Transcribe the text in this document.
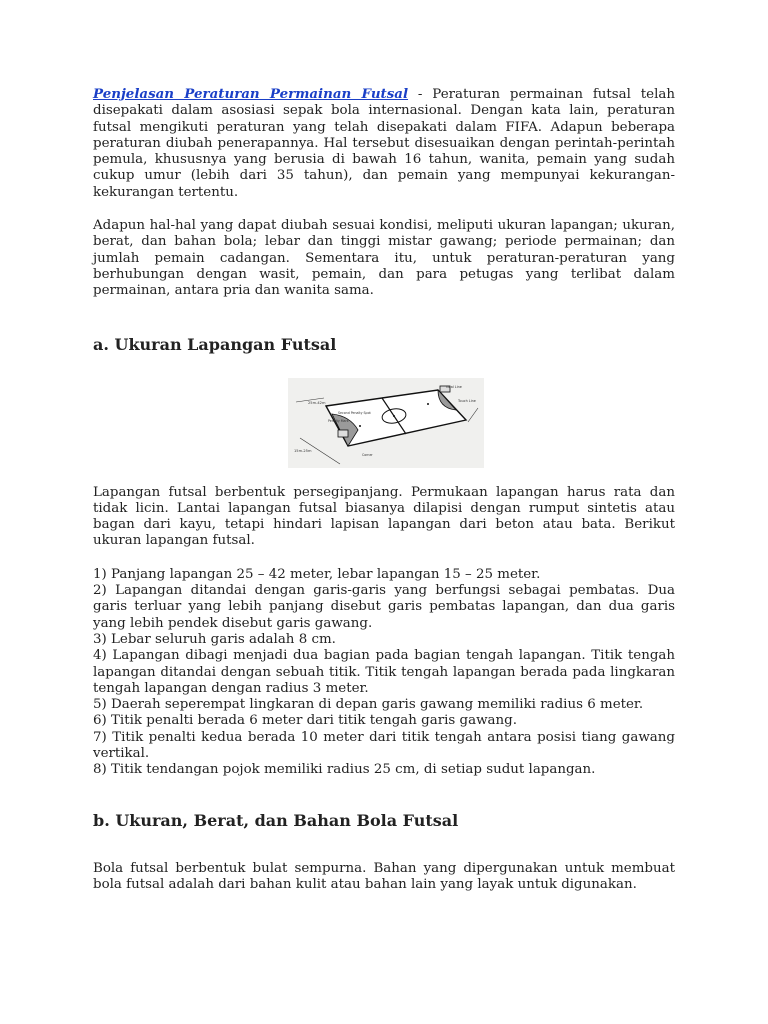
Penjelasan Peraturan Permainan Futsal - Peraturan permainan futsal telah disepakati dalam asosiasi sepak bola internasional. Dengan kata lain, peraturan futsal mengikuti peraturan yang telah disepakati dalam FIFA. Adapun beberapa peraturan diubah penerapannya. Hal tersebut disesuaikan dengan perintah-perintah pemula, khususnya yang berusia di bawah 16 tahun, wanita, pemain yang sudah cukup umur (lebih dari 35 tahun), dan pemain yang mempunyai kekurangan-kekurangan tertentu.

Adapun hal-hal yang dapat diubah sesuai kondisi, meliputi ukuran lapangan; ukuran, berat, dan bahan bola; lebar dan tinggi mistar gawang; periode permainan; dan jumlah pemain cadangan. Sementara itu, untuk peraturan-peraturan yang berhubungan dengan wasit, pemain, dan para petugas yang terlibat dalam permainan, antara pria dan wanita sama.

a. Ukuran Lapangan Futsal
25m-42m
15m-25m
Goal Line
Touch Line
Penalty Mark
Second Penalty Spot
Corner

Lapangan futsal berbentuk persegipanjang. Permukaan lapangan harus rata dan tidak licin. Lantai lapangan futsal biasanya dilapisi dengan rumput sintetis atau bagan dari kayu, tetapi hindari lapisan lapangan dari beton atau bata. Berikut ukuran lapangan futsal.

1) Panjang lapangan 25 – 42 meter, lebar lapangan 15 – 25 meter.

2) Lapangan ditandai dengan garis-garis yang berfungsi sebagai pembatas. Dua garis terluar yang lebih panjang disebut garis pembatas lapangan, dan dua garis yang lebih pendek disebut garis gawang.

3) Lebar seluruh garis adalah 8 cm.

4) Lapangan dibagi menjadi dua bagian pada bagian tengah lapangan. Titik tengah lapangan ditandai dengan sebuah titik. Titik tengah lapangan berada pada lingkaran tengah lapangan dengan radius 3 meter.

5) Daerah seperempat lingkaran di depan garis gawang memiliki radius 6 meter.

6) Titik penalti berada 6 meter dari titik tengah garis gawang.

7) Titik penalti kedua berada 10 meter dari titik tengah antara posisi tiang gawang vertikal.

8) Titik tendangan pojok memiliki radius 25 cm, di setiap sudut lapangan.

b. Ukuran, Berat, dan Bahan Bola Futsal

Bola futsal berbentuk bulat sempurna. Bahan yang dipergunakan untuk membuat bola futsal adalah dari bahan kulit atau bahan lain yang layak untuk digunakan.
